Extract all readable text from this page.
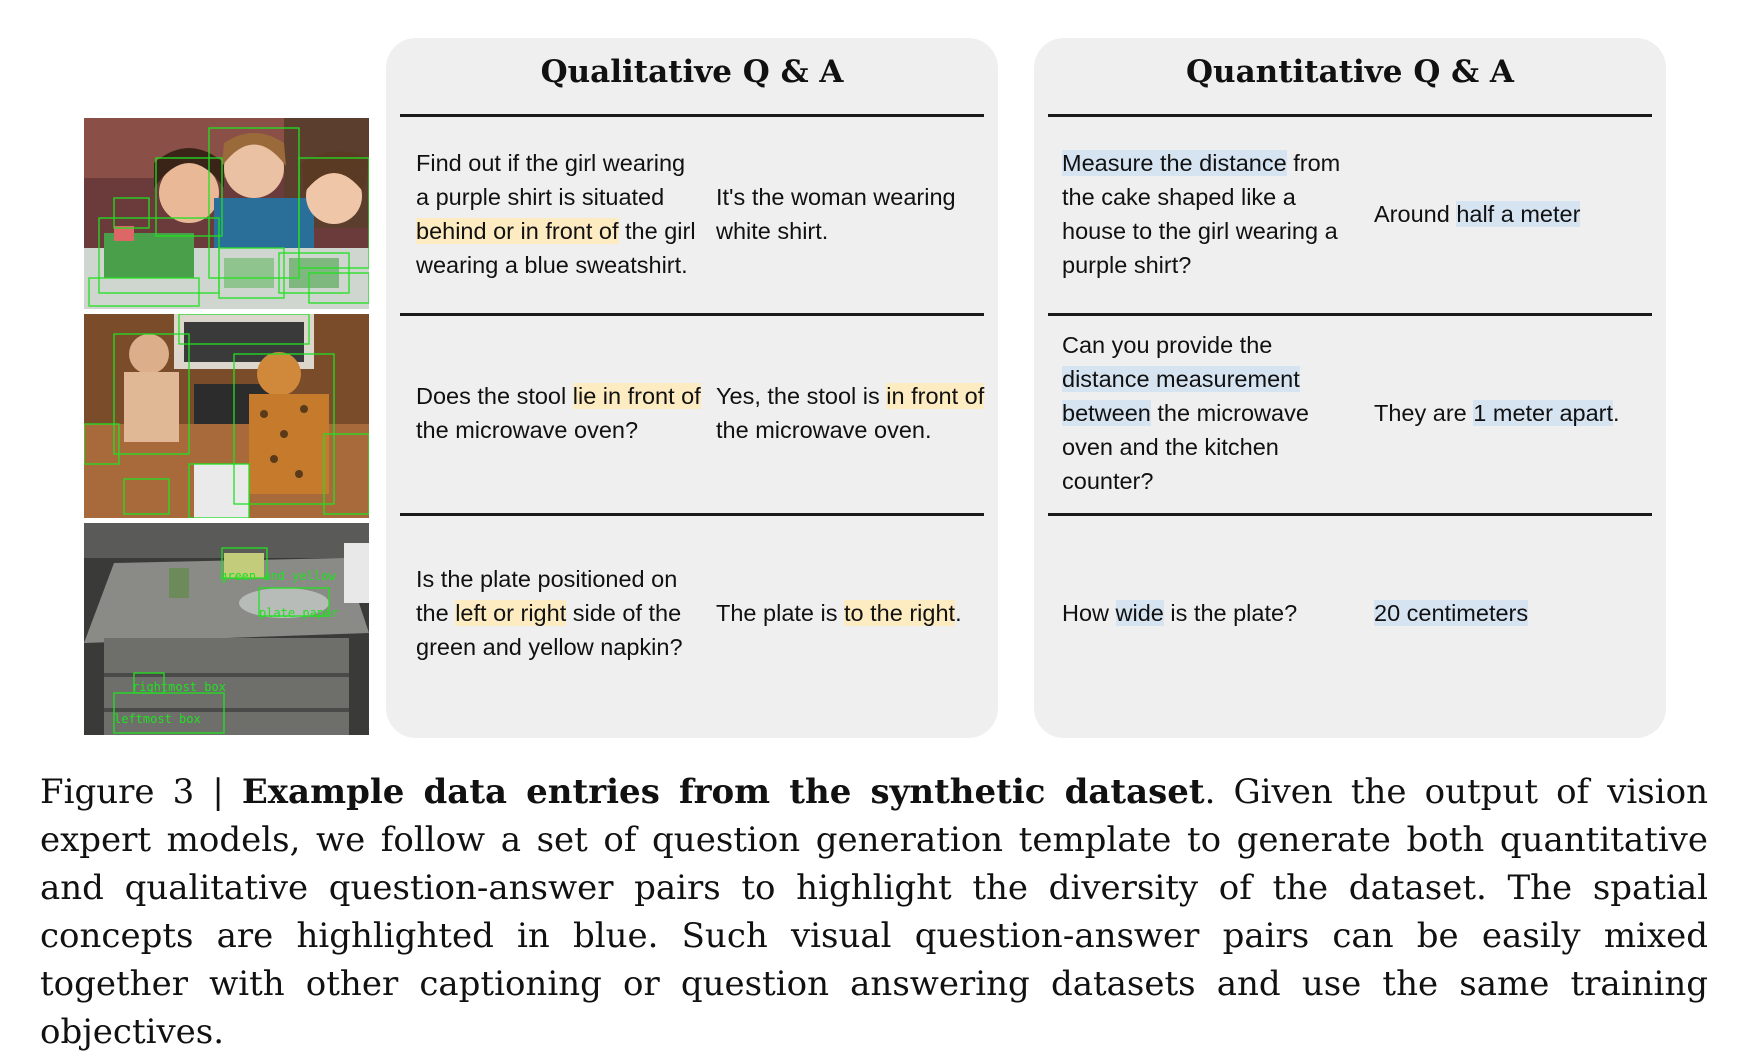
green and yellow
plate paper
rightmost box
leftmost box
Qualitative Q & A
Find out if the girl wearing a purple shirt is situated behind or in front of the girl wearing a blue sweatshirt.
It's the woman wearing white shirt.
Does the stool lie in front of the microwave oven?
Yes, the stool is in front of the microwave oven.
Is the plate positioned on the left or right side of the green and yellow napkin?
The plate is to the right.
Quantitative Q & A
Measure the distance from the cake shaped like a house to the girl wearing a purple shirt?
Around half a meter
Can you provide the distance measurement between the microwave oven and the kitchen counter?
They are 1 meter apart.
How wide is the plate?	20 centimeters
Figure 3 | Example data entries from the synthetic dataset. Given the output of vision expert models, we follow a set of question generation template to generate both quantitative and qualitative question-answer pairs to highlight the diversity of the dataset. The spatial concepts are highlighted in blue. Such visual question-answer pairs can be easily mixed together with other captioning or question answering datasets and use the same training objectives.
